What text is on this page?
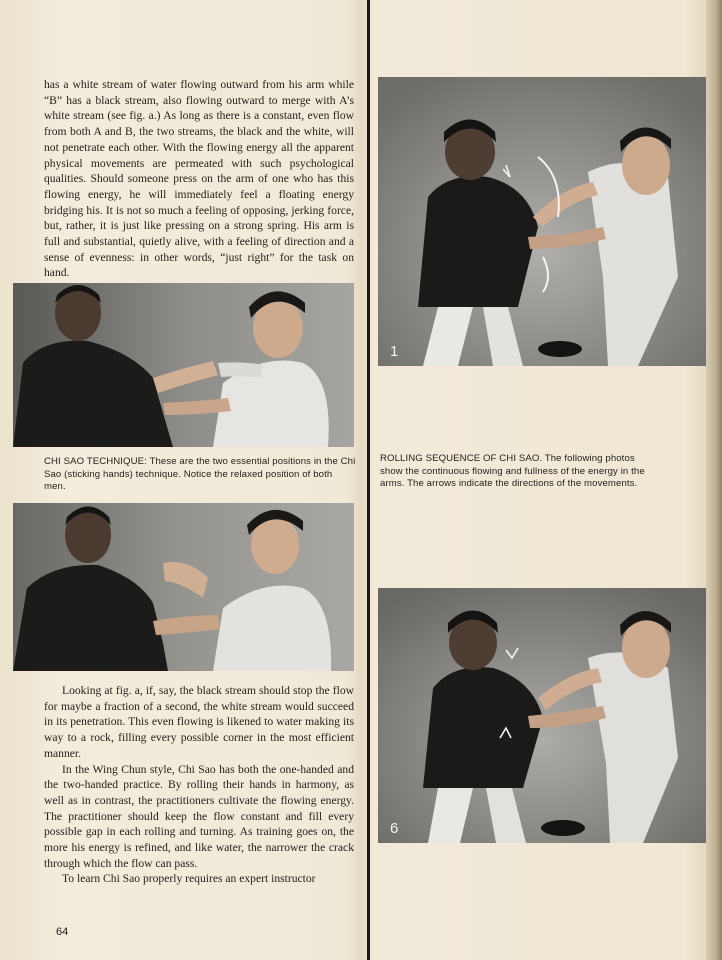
has a white stream of water flowing outward from his arm while “B” has a black stream, also flowing outward to merge with A’s white stream (see fig. a.) As long as there is a constant, even flow from both A and B, the two streams, the black and the white, will not penetrate each other. With the flowing energy all the apparent physical movements are permeated with such psychological qualities. Should someone press on the arm of one who has this flowing energy, he will immediately feel a floating energy bridging his. It is not so much a feeling of opposing, jerking force, but, rather, it is just like pressing on a strong spring. His arm is full and substantial, quietly alive, with a feeling of direction and a sense of evenness: in other words, “just right” for the task on hand.

CHI SAO TECHNIQUE: These are the two essential positions in the Chi Sao (sticking hands) technique. Notice the relaxed position of both men.

Looking at fig. a, if, say, the black stream should stop the flow for maybe a fraction of a second, the white stream would succeed in its penetration. This even flowing is likened to water making its way to a rock, filling every possible corner in the most efficient manner.

In the Wing Chun style, Chi Sao has both the one-handed and the two-handed practice. By rolling their hands in harmony, as well as in contrast, the practitioners cultivate the flowing energy. The practitioner should keep the flow constant and fill every possible gap in each rolling and turning. As training goes on, the more his energy is refined, and like water, the narrower the crack through which the flow can pass.

To learn Chi Sao properly requires an expert instructor

1

ROLLING SEQUENCE OF CHI SAO. The following photos show the continuous flowing and fullness of the energy in the arms. The arrows indicate the directions of the movements.

6
64
